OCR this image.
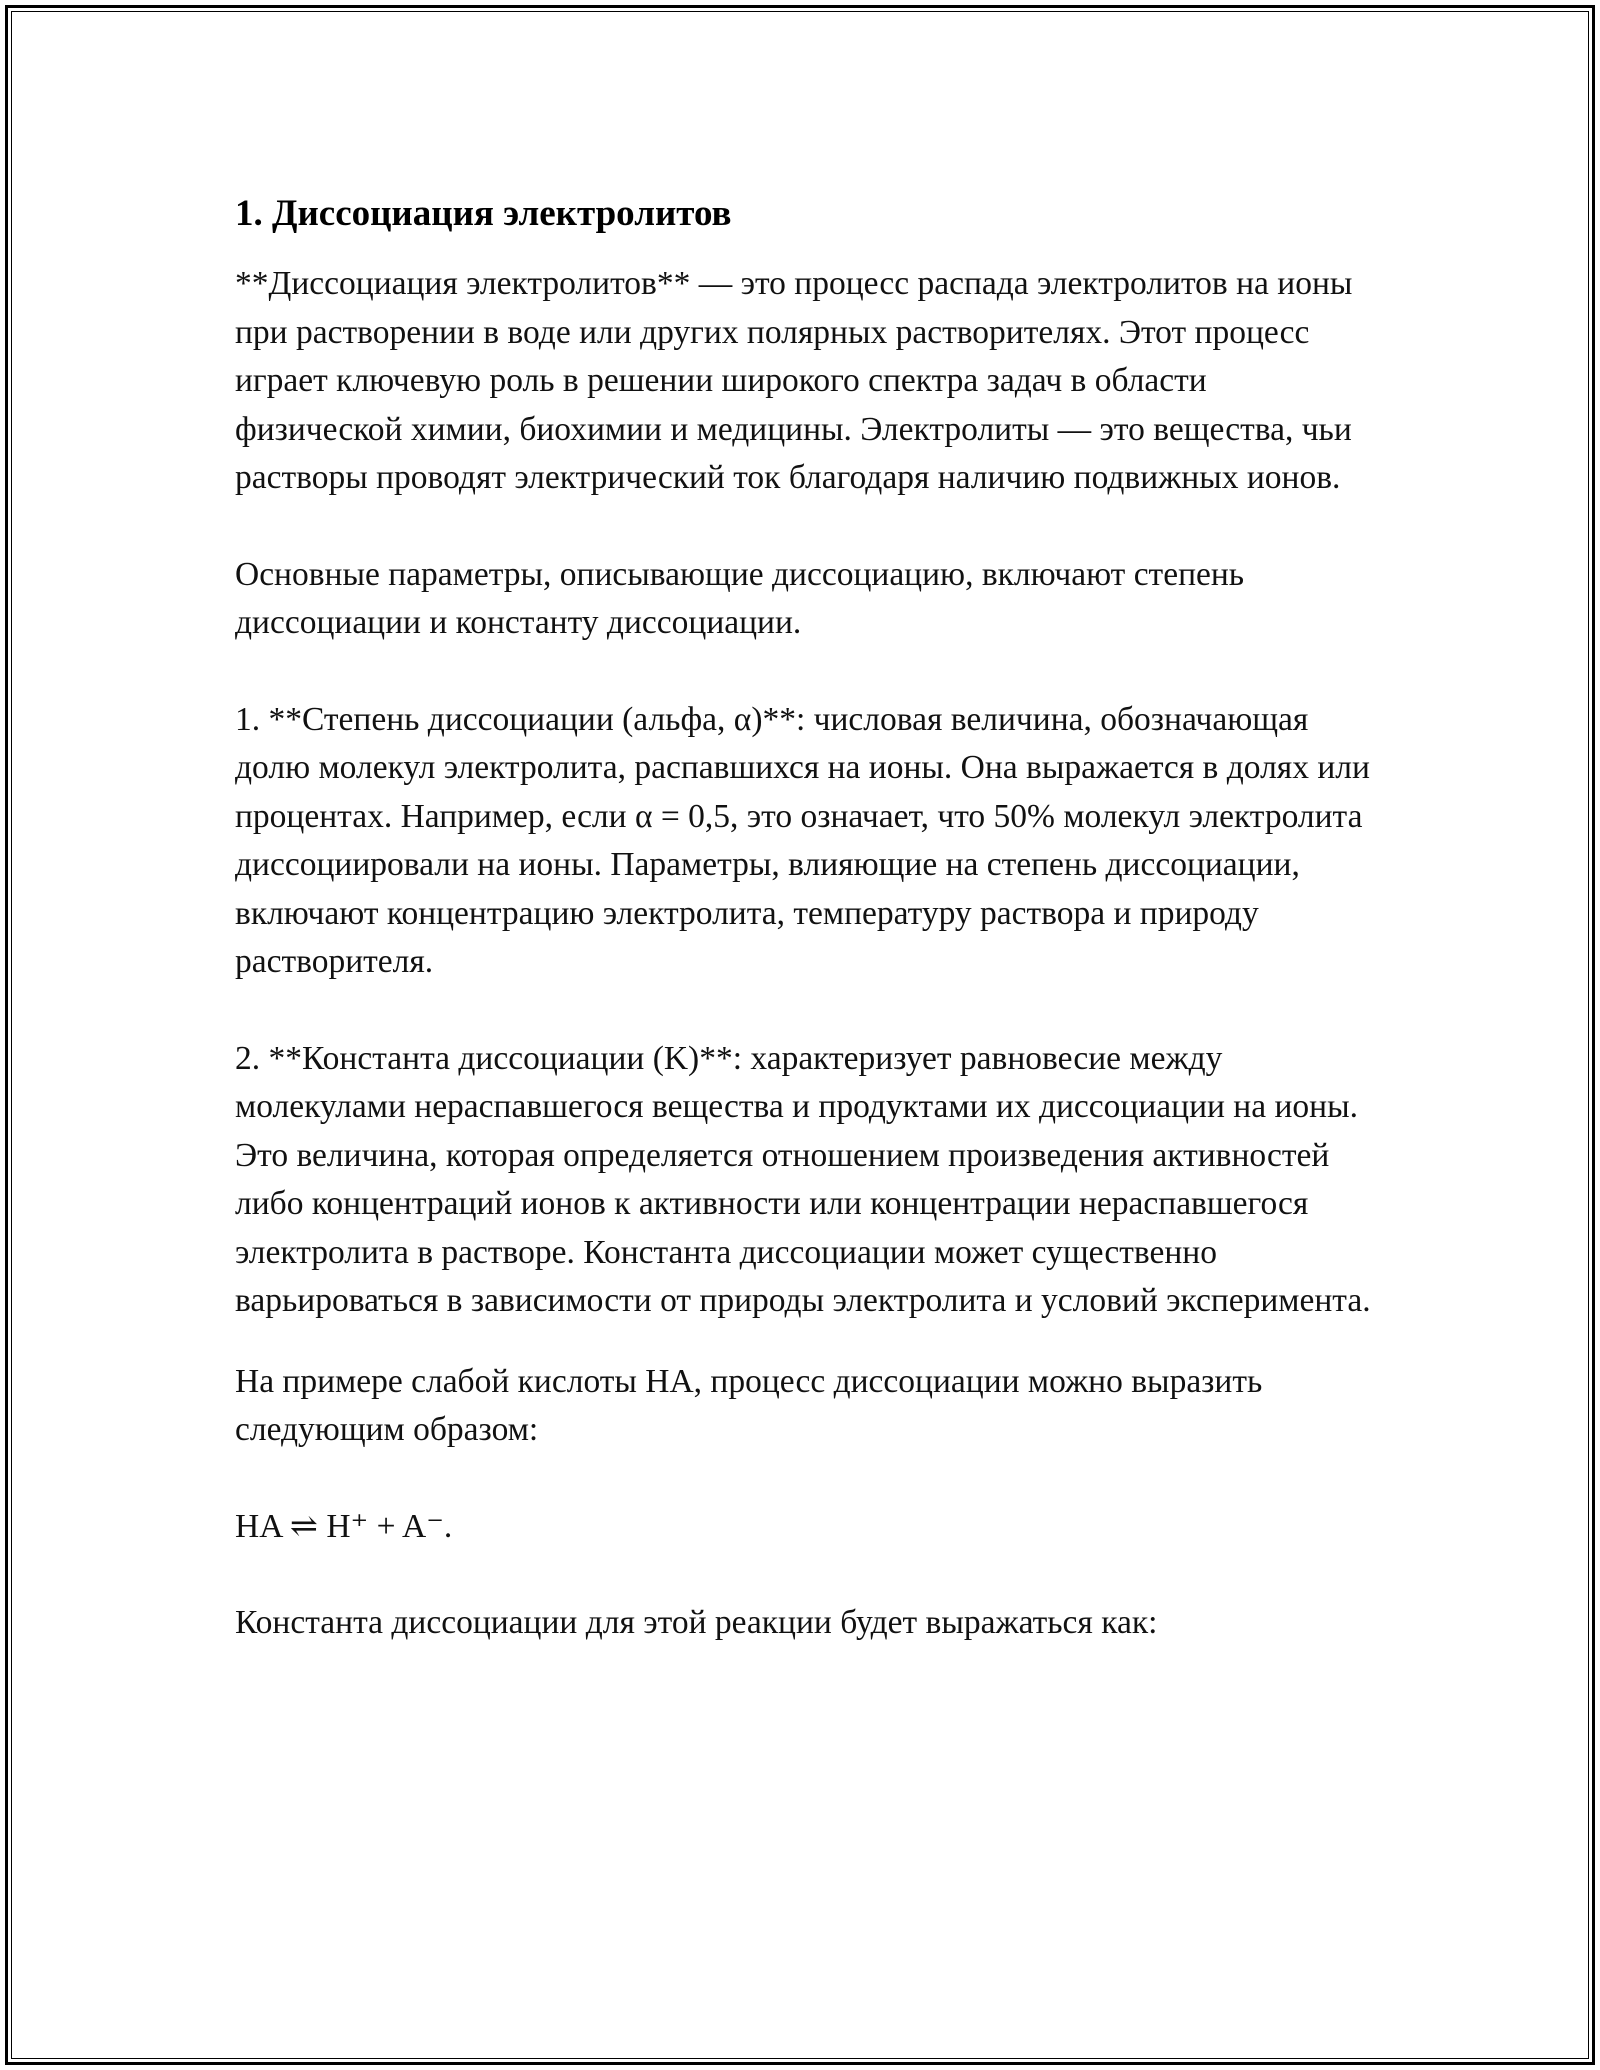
1. Диссоциация электролитов

**Диссоциация электролитов** — это процесс распада электролитов на ионы при растворении в воде или других полярных растворителях. Этот процесс играет ключевую роль в решении широкого спектра задач в области физической химии, биохимии и медицины. Электролиты — это вещества, чьи растворы проводят электрический ток благодаря наличию подвижных ионов.

Основные параметры, описывающие диссоциацию, включают степень диссоциации и константу диссоциации.

1. **Степень диссоциации (альфа, α)**: числовая величина, обозначающая долю молекул электролита, распавшихся на ионы. Она выражается в долях или процентах. Например, если α = 0,5, это означает, что 50% молекул электролита диссоциировали на ионы. Параметры, влияющие на степень диссоциации, включают концентрацию электролита, температуру раствора и природу растворителя.

2. **Константа диссоциации (K)**: характеризует равновесие между молекулами нераспавшегося вещества и продуктами их диссоциации на ионы. Это величина, которая определяется отношением произведения активностей либо концентраций ионов к активности или концентрации нераспавшегося электролита в растворе. Константа диссоциации может существенно варьироваться в зависимости от природы электролита и условий эксперимента.

На примере слабой кислоты HA, процесс диссоциации можно выразить следующим образом:

HA ⇌ H⁺ + A⁻.

Константа диссоциации для этой реакции будет выражаться как:
